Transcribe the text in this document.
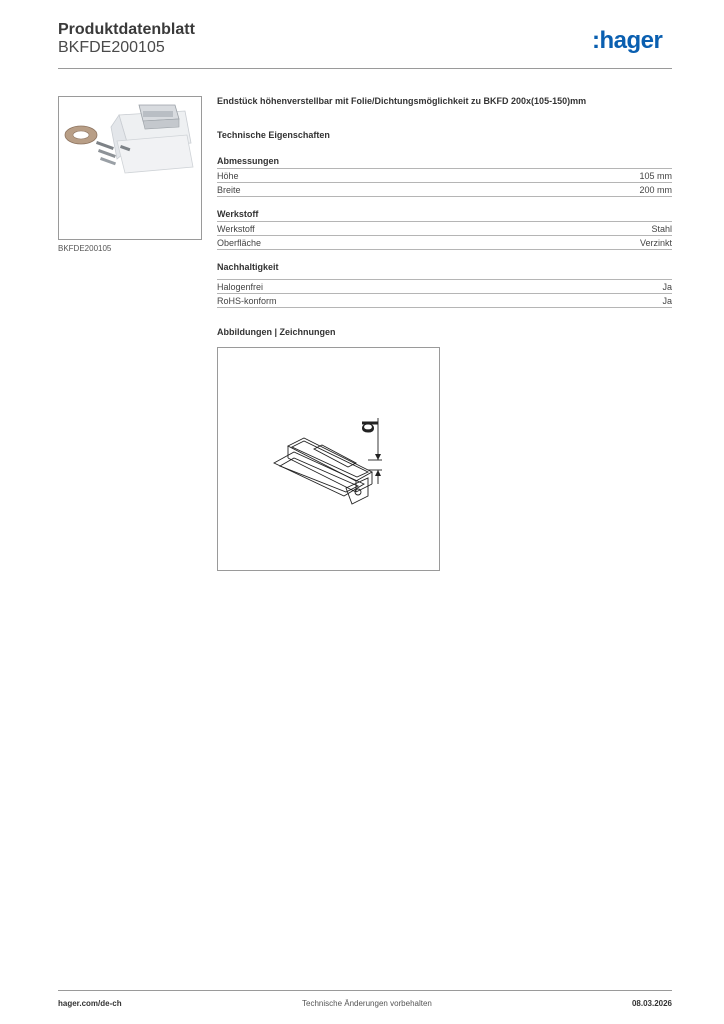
Produktdatenblatt
BKFDE200105	:hager
BKFDE200105
Endstück höhenverstellbar mit Folie/Dichtungsmöglichkeit zu BKFD 200x(105-150)mm
Technische Eigenschaften
Abmessungen
Höhe	105 mm
Breite	200 mm
Werkstoff
Werkstoff	Stahl
Oberfläche	Verzinkt
Nachhaltigkeit
Halogenfrei	Ja
RoHS-konform	Ja
Abbildungen | Zeichnungen
b
hager.com/de-ch	Technische Änderungen vorbehalten	08.03.2026
